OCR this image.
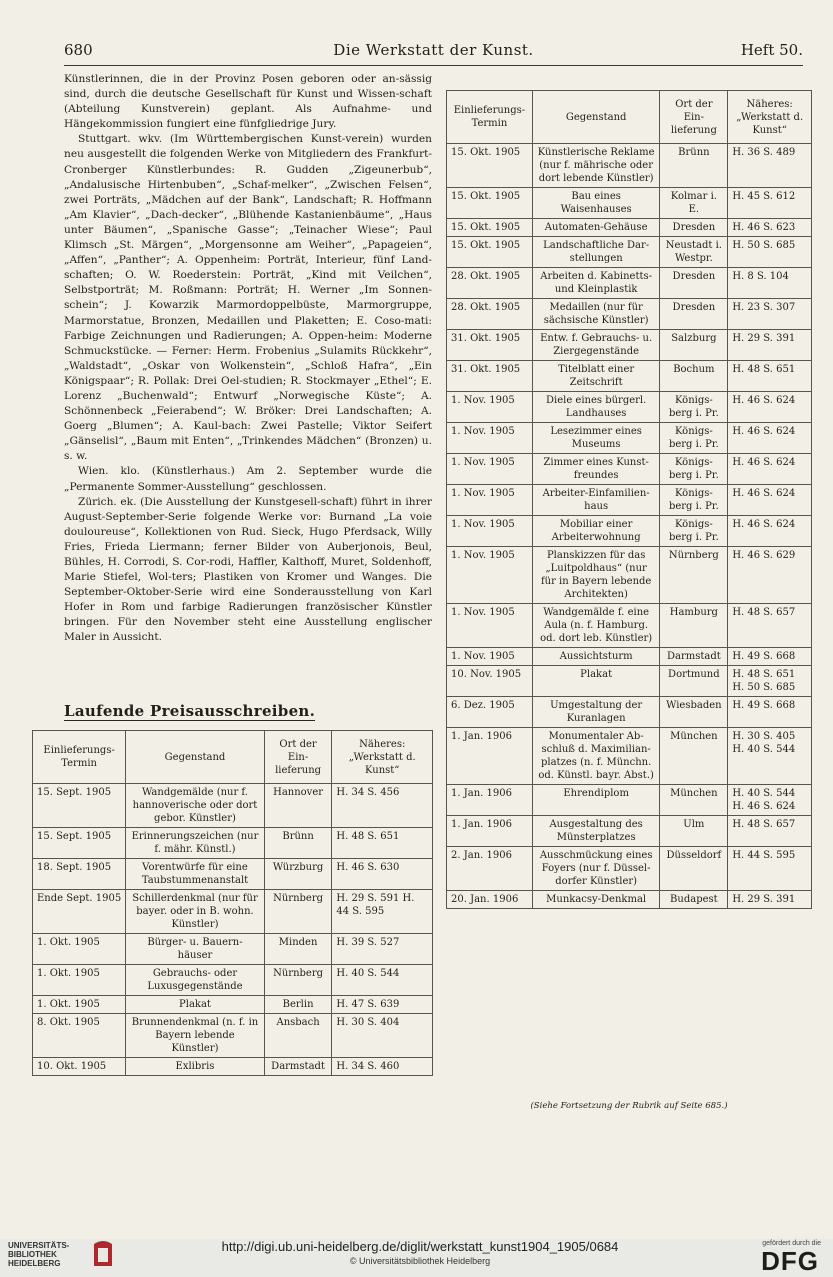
680	Die Werkstatt der Kunst.	Heft 50.

Künstlerinnen, die in der Provinz Posen geboren oder an-sässig sind, durch die deutsche Gesellschaft für Kunst und Wissen-schaft (Abteilung Kunstverein) geplant. Als Aufnahme- und Hängekommission fungiert eine fünfgliedrige Jury.

Stuttgart. wkv. (Im Württembergischen Kunst-verein) wurden neu ausgestellt die folgenden Werke von Mitgliedern des Frankfurt-Cronberger Künstlerbundes: R. Gudden „Zigeunerbub“, „Andalusische Hirtenbuben“, „Schaf-melker“, „Zwischen Felsen“, zwei Porträts, „Mädchen auf der Bank“, Landschaft; R. Hoffmann „Am Klavier“, „Dach-decker“, „Blühende Kastanienbäume“, „Haus unter Bäumen“, „Spanische Gasse“; „Teinacher Wiese“; Paul Klimsch „St. Märgen“, „Morgensonne am Weiher“, „Papageien“, „Affen“, „Panther“; A. Oppenheim: Porträt, Interieur, fünf Land-schaften; O. W. Roederstein: Porträt, „Kind mit Veilchen“, Selbstporträt; M. Roßmann: Porträt; H. Werner „Im Sonnen-schein“; J. Kowarzik Marmordoppelbüste, Marmorgruppe, Marmorstatue, Bronzen, Medaillen und Plaketten; E. Coso-mati: Farbige Zeichnungen und Radierungen; A. Oppen-heim: Moderne Schmuckstücke. — Ferner: Herm. Frobenius „Sulamits Rückkehr“, „Waldstadt“, „Oskar von Wolkenstein“, „Schloß Hafra“, „Ein Königspaar“; R. Pollak: Drei Oel-studien; R. Stockmayer „Ethel“; E. Lorenz „Buchenwald“; Entwurf „Norwegische Küste“; A. Schönnenbeck „Feierabend“; W. Bröker: Drei Landschaften; A. Goerg „Blumen“; A. Kaul-bach: Zwei Pastelle; Viktor Seifert „Gänselisl“, „Baum mit Enten“, „Trinkendes Mädchen“ (Bronzen) u. s. w.

Wien. klo. (Künstlerhaus.) Am 2. September wurde die „Permanente Sommer-Ausstellung“ geschlossen.

Zürich. ek. (Die Ausstellung der Kunstgesell-schaft) führt in ihrer August-September-Serie folgende Werke vor: Burnand „La voie douloureuse“, Kollektionen von Rud. Sieck, Hugo Pferdsack, Willy Fries, Frieda Liermann; ferner Bilder von Auberjonois, Beul, Bühles, H. Corrodi, S. Cor-rodi, Haffler, Kalthoff, Muret, Soldenhoff, Marie Stiefel, Wol-ters; Plastiken von Kromer und Wanges. Die September-Oktober-Serie wird eine Sonderausstellung von Karl Hofer in Rom und farbige Radierungen französischer Künstler bringen. Für den November steht eine Ausstellung englischer Maler in Aussicht.

Laufende Preisausschreiben.
Einlieferungs-Termin	Gegenstand	Ort der Ein-lieferung	Näheres: „Werkstatt d. Kunst“
15. Sept. 1905	Wandgemälde (nur f. hannoverische oder dort gebor. Künstler)	Hannover	H. 34 S. 456
15. Sept. 1905	Erinnerungszeichen (nur f. mähr. Künstl.)	Brünn	H. 48 S. 651
18. Sept. 1905	Vorentwürfe für eine Taubstummenanstalt	Würzburg	H. 46 S. 630
Ende Sept. 1905	Schillerdenkmal (nur für bayer. oder in B. wohn. Künstler)	Nürnberg	H. 29 S. 591 H. 44 S. 595
1. Okt. 1905	Bürger- u. Bauern-häuser	Minden	H. 39 S. 527
1. Okt. 1905	Gebrauchs- oder Luxusgegenstände	Nürnberg	H. 40 S. 544
1. Okt. 1905	Plakat	Berlin	H. 47 S. 639
8. Okt. 1905	Brunnendenkmal (n. f. in Bayern lebende Künstler)	Ansbach	H. 30 S. 404
10. Okt. 1905	Exlibris	Darmstadt	H. 34 S. 460
Einlieferungs-Termin	Gegenstand	Ort der Ein-lieferung	Näheres: „Werkstatt d. Kunst“
15. Okt. 1905	Künstlerische Reklame (nur f. mährische oder dort lebende Künstler)	Brünn	H. 36 S. 489
15. Okt. 1905	Bau eines Waisenhauses	Kolmar i. E.	H. 45 S. 612
15. Okt. 1905	Automaten-Gehäuse	Dresden	H. 46 S. 623
15. Okt. 1905	Landschaftliche Dar-stellungen	Neustadt i. Westpr.	H. 50 S. 685
28. Okt. 1905	Arbeiten d. Kabinetts- und Kleinplastik	Dresden	H. 8 S. 104
28. Okt. 1905	Medaillen (nur für sächsische Künstler)	Dresden	H. 23 S. 307
31. Okt. 1905	Entw. f. Gebrauchs- u. Ziergegenstände	Salzburg	H. 29 S. 391
31. Okt. 1905	Titelblatt einer Zeitschrift	Bochum	H. 48 S. 651
1. Nov. 1905	Diele eines bürgerl. Landhauses	Königs-berg i. Pr.	H. 46 S. 624
1. Nov. 1905	Lesezimmer eines Museums	Königs-berg i. Pr.	H. 46 S. 624
1. Nov. 1905	Zimmer eines Kunst-freundes	Königs-berg i. Pr.	H. 46 S. 624
1. Nov. 1905	Arbeiter-Einfamilien-haus	Königs-berg i. Pr.	H. 46 S. 624
1. Nov. 1905	Mobiliar einer Arbeiterwohnung	Königs-berg i. Pr.	H. 46 S. 624
1. Nov. 1905	Planskizzen für das „Luitpoldhaus“ (nur für in Bayern lebende Architekten)	Nürnberg	H. 46 S. 629
1. Nov. 1905	Wandgemälde f. eine Aula (n. f. Hamburg. od. dort leb. Künstler)	Hamburg	H. 48 S. 657
1. Nov. 1905	Aussichtsturm	Darmstadt	H. 49 S. 668
10. Nov. 1905	Plakat	Dortmund	H. 48 S. 651 H. 50 S. 685
6. Dez. 1905	Umgestaltung der Kuranlagen	Wiesbaden	H. 49 S. 668
1. Jan. 1906	Monumentaler Ab-schluß d. Maximilian-platzes (n. f. Münchn. od. Künstl. bayr. Abst.)	München	H. 30 S. 405 H. 40 S. 544
1. Jan. 1906	Ehrendiplom	München	H. 40 S. 544 H. 46 S. 624
1. Jan. 1906	Ausgestaltung des Münsterplatzes	Ulm	H. 48 S. 657
2. Jan. 1906	Ausschmückung eines Foyers (nur f. Düssel-dorfer Künstler)	Düsseldorf	H. 44 S. 595
20. Jan. 1906	Munkacsy-Denkmal	Budapest	H. 29 S. 391
(Siehe Fortsetzung der Rubrik auf Seite 685.)
UNIVERSITÄTS-
BIBLIOTHEK
HEIDELBERG
http://digi.ub.uni-heidelberg.de/diglit/werkstatt_kunst1904_1905/0684
© Universitätsbibliothek Heidelberg
gefördert durch die
DFG
